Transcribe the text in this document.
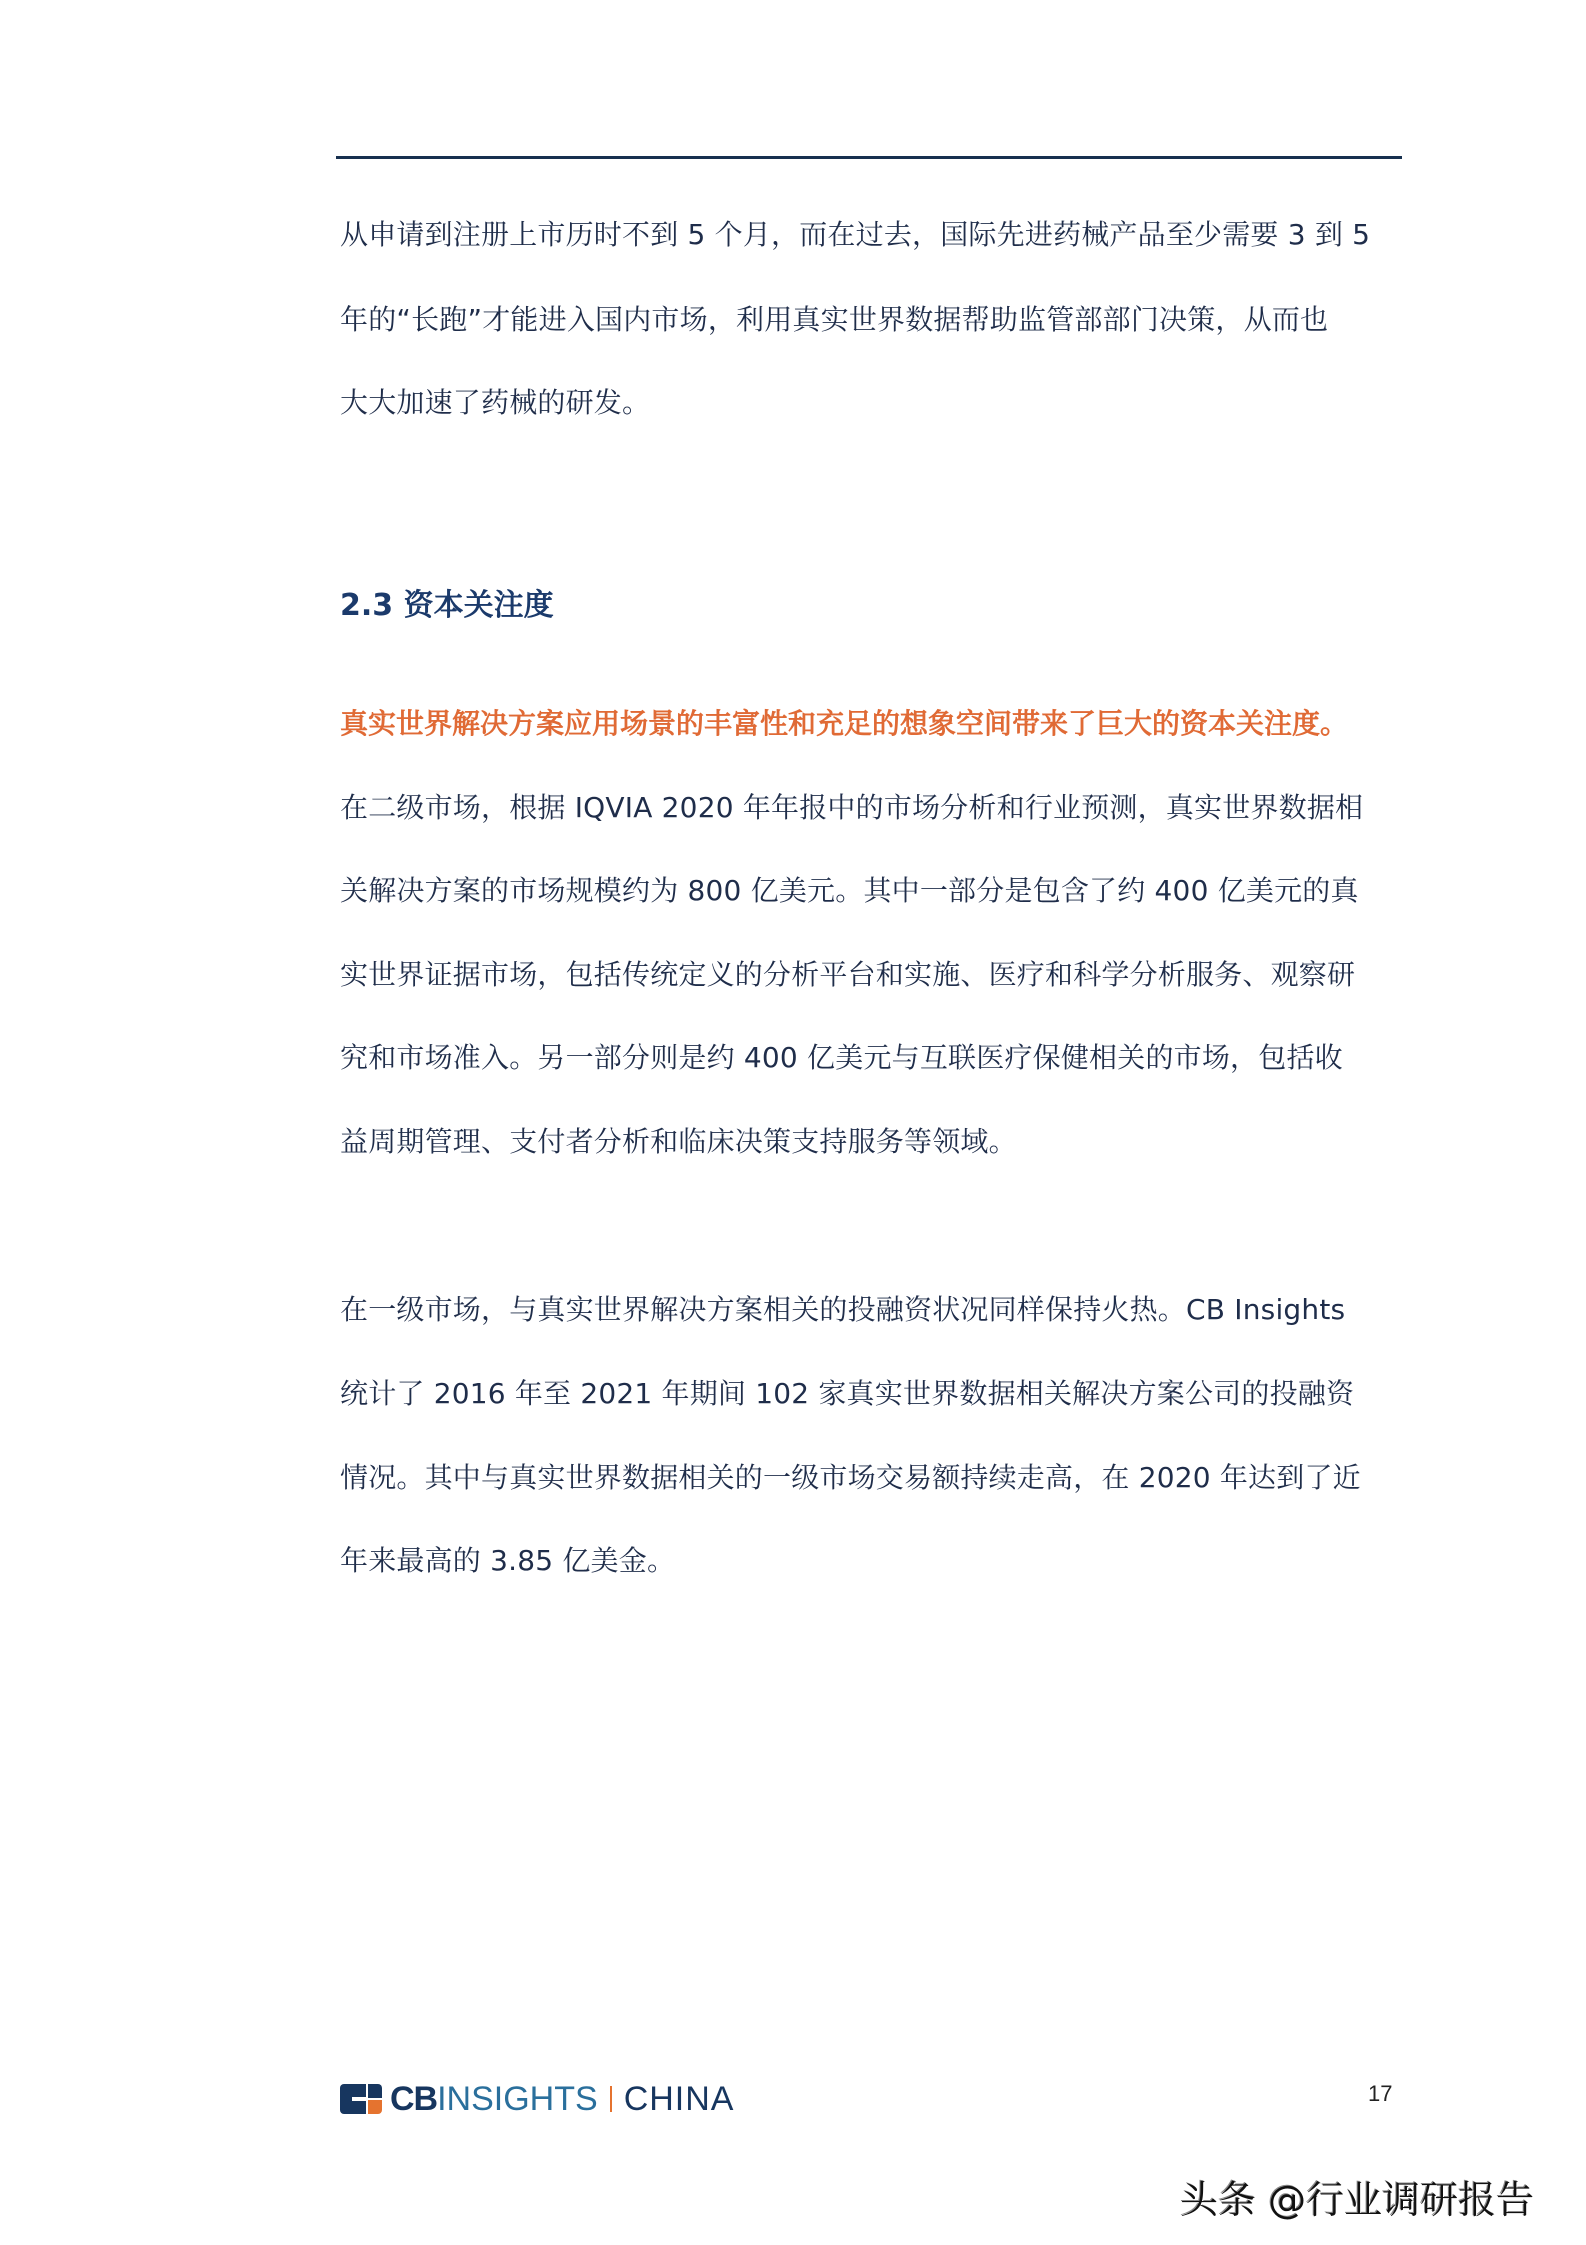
从申请到注册上市历时不到 5 个月，而在过去，国际先进药械产品至少需要 3 到 5
年的“长跑”才能进入国内市场，利用真实世界数据帮助监管部部门决策，从而也
大大加速了药械的研发。
2.3 资本关注度
真实世界解决方案应用场景的丰富性和充足的想象空间带来了巨大的资本关注度。
在二级市场，根据 IQVIA 2020 年年报中的市场分析和行业预测，真实世界数据相
关解决方案的市场规模约为 800 亿美元。其中一部分是包含了约 400 亿美元的真
实世界证据市场，包括传统定义的分析平台和实施、医疗和科学分析服务、观察研
究和市场准入。另一部分则是约 400 亿美元与互联医疗保健相关的市场，包括收
益周期管理、支付者分析和临床决策支持服务等领域。
在一级市场，与真实世界解决方案相关的投融资状况同样保持火热。CB Insights
统计了 2016 年至 2021 年期间 102 家真实世界数据相关解决方案公司的投融资
情况。其中与真实世界数据相关的一级市场交易额持续走高，在 2020 年达到了近
年来最高的 3.85 亿美金。
CB INSIGHTS CHINA	17
头条 @行业调研报告
